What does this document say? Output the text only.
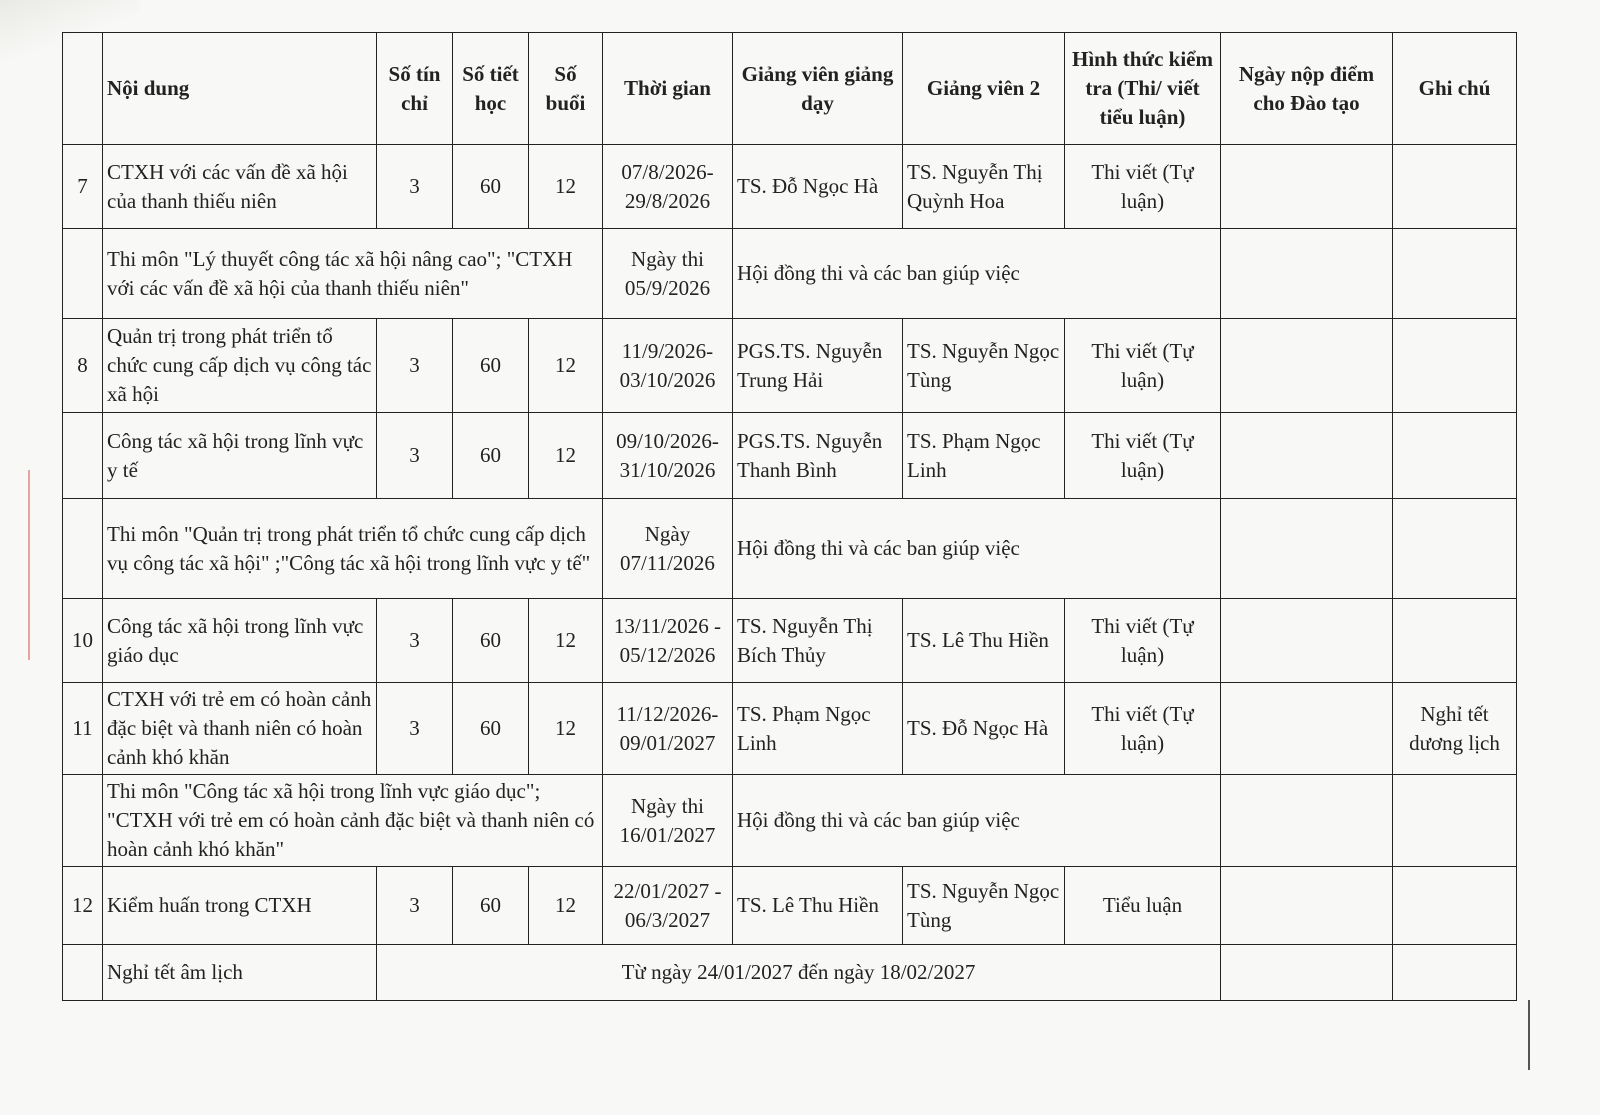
	Nội dung	Số tín chỉ	Số tiết học	Số buổi	Thời gian	Giảng viên giảng dạy	Giảng viên 2	Hình thức kiểm tra (Thi/ viết tiểu luận)	Ngày nộp điểm cho Đào tạo	Ghi chú
7	CTXH với các vấn đề xã hội của thanh thiếu niên	3	60	12	07/8/2026- 29/8/2026	TS. Đỗ Ngọc Hà	TS. Nguyễn Thị Quỳnh Hoa	Thi viết (Tự luận)		
	Thi môn "Lý thuyết công tác xã hội nâng cao"; "CTXH với các vấn đề xã hội của thanh thiếu niên"				Ngày thi 05/9/2026	Hội đồng thi và các ban giúp việc				
8	Quản trị trong phát triển tổ chức cung cấp dịch vụ công tác xã hội	3	60	12	11/9/2026- 03/10/2026	PGS.TS. Nguyễn Trung Hải	TS. Nguyễn Ngọc Tùng	Thi viết (Tự luận)		
	Công tác xã hội trong lĩnh vực y tế	3	60	12	09/10/2026- 31/10/2026	PGS.TS. Nguyễn Thanh Bình	TS. Phạm Ngọc Linh	Thi viết (Tự luận)		
	Thi môn "Quản trị trong phát triển tổ chức cung cấp dịch vụ công tác xã hội" ;"Công tác xã hội trong lĩnh vực y tế"				Ngày 07/11/2026	Hội đồng thi và các ban giúp việc				
10	Công tác xã hội trong lĩnh vực giáo dục	3	60	12	13/11/2026 - 05/12/2026	TS. Nguyễn Thị Bích Thủy	TS. Lê Thu Hiền	Thi viết (Tự luận)		
11	CTXH với trẻ em có hoàn cảnh đặc biệt và thanh niên có hoàn cảnh khó khăn	3	60	12	11/12/2026- 09/01/2027	TS. Phạm Ngọc Linh	TS. Đỗ Ngọc Hà	Thi viết (Tự luận)		Nghỉ tết dương lịch
	Thi môn "Công tác xã hội trong lĩnh vực giáo dục"; "CTXH với trẻ em có hoàn cảnh đặc biệt và thanh niên có hoàn cảnh khó khăn"				Ngày thi 16/01/2027	Hội đồng thi và các ban giúp việc				
12	Kiểm huấn trong CTXH	3	60	12	22/01/2027 - 06/3/2027	TS. Lê Thu Hiền	TS. Nguyễn Ngọc Tùng	Tiểu luận		
	Nghỉ tết âm lịch	Từ ngày 24/01/2027 đến ngày 18/02/2027								
